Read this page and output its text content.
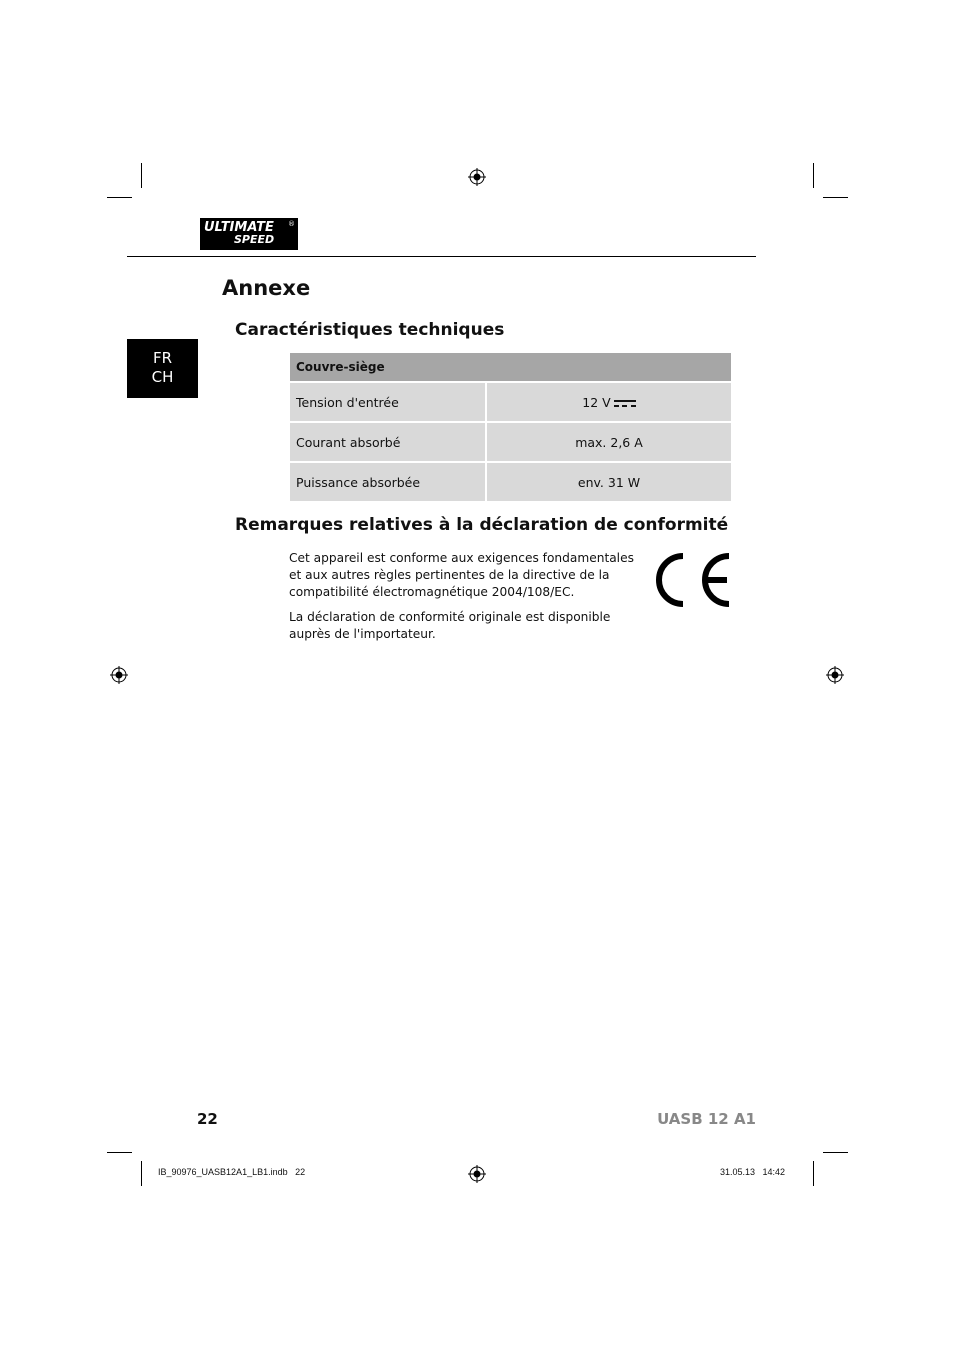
ULTIMATE
SPEED
®
Annexe
FR
CH
Caractéristiques techniques
Couvre-siège	
Tension d'entrée	12 V

Courant absorbé	max. 2,6 A
Puissance absorbée	env. 31 W
Remarques relatives à la déclaration de conformité

Cet appareil est conforme aux exigences fondamentales et aux autres règles pertinentes de la directive de la compatibilité électromagnétique 2004/108/EC.

La déclaration de conformité originale est disponible auprès de l'importateur.

22	UASB 12 A1
IB_90976_UASB12A1_LB1.indb   22	31.05.13   14:42
